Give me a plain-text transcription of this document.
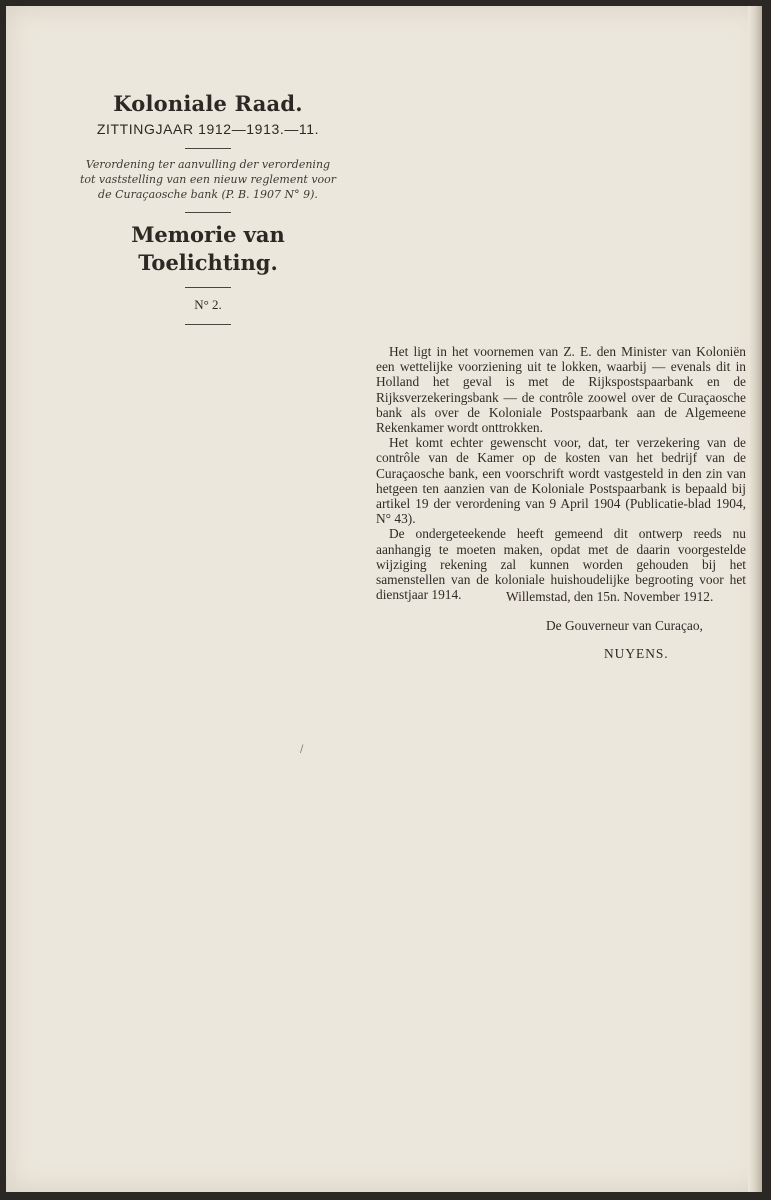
Koloniale Raad.

ZITTINGJAAR 1912—1913.—11.

Verordening ter aanvulling der verordening
tot vaststelling van een nieuw reglement voor
de Curaçaosche bank (P. B. 1907 N° 9).

Memorie van Toelichting.

N° 2.

Het ligt in het voornemen van Z. E. den Minister van Koloniën een wettelijke voorziening uit te lokken, waarbij — evenals dit in Holland het geval is met de Rijkspostspaarbank en de Rijksverzekeringsbank — de contrôle zoowel over de Curaçaosche bank als over de Koloniale Postspaarbank aan de Algemeene Rekenkamer wordt onttrokken.

Het komt echter gewenscht voor, dat, ter verzekering van de contrôle van de Kamer op de kosten van het bedrijf van de Curaçaosche bank, een voorschrift wordt vastgesteld in den zin van hetgeen ten aanzien van de Koloniale Postspaarbank is bepaald bij artikel 19 der verordening van 9 April 1904 (Publicatie-blad 1904, N° 43).

De ondergeteekende heeft gemeend dit ontwerp reeds nu aanhangig te moeten maken, opdat met de daarin voorgestelde wijziging rekening zal kunnen worden gehouden bij het samenstellen van de koloniale huishoudelijke begrooting voor het dienstjaar 1914.	Willemstad, den 15n. November 1912.
De Gouverneur van Curaçao,
NUYENS.
/
